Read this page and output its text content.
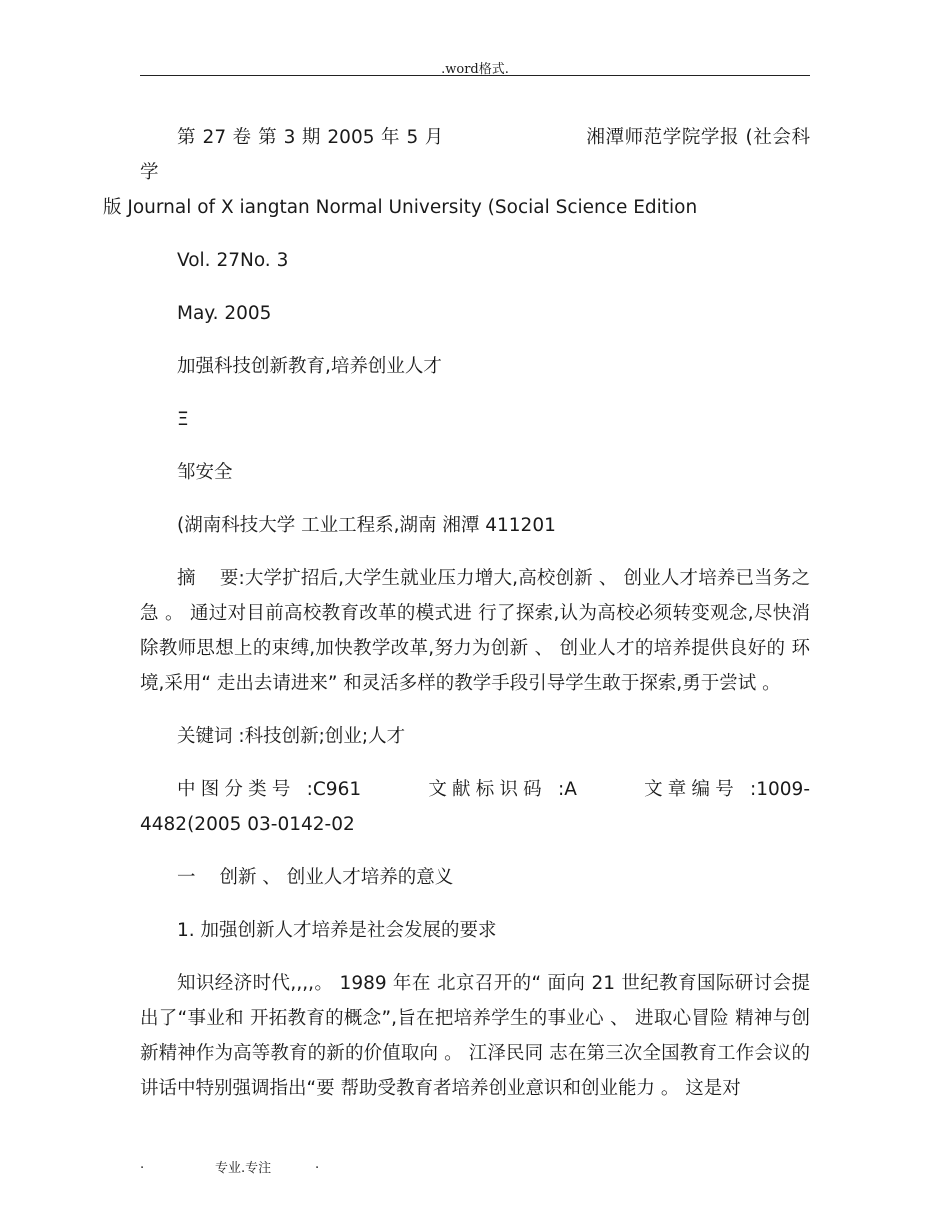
.word格式.

第 27 卷 第 3 期 2005 年 5 月	湘潭师范学院学报 (社会科学
版 Journal of X iangtan Normal University (Social Science Edition

Vol. 27No. 3

May. 2005

加强科技创新教育,培养创业人才

Ξ

邹安全

(湖南科技大学 工业工程系,湖南 湘潭 411201

摘 要:大学扩招后,大学生就业压力增大,高校创新 、 创业人才培养已当务之急 。 通过对目前高校教育改革的模式进 行了探索,认为高校必须转变观念,尽快消除教师思想上的束缚,加快教学改革,努力为创新 、 创业人才的培养提供良好的 环境,采用“ 走出去请进来” 和灵活多样的教学手段引导学生敢于探索,勇于尝试 。

关键词 :科技创新;创业;人才

中图分类号 :C961	文献标识码 :A	文章编号 :1009-4482(2005 03-0142-02

一 创新 、 创业人才培养的意义

1. 加强创新人才培养是社会发展的要求

知识经济时代,,,,。 1989 年在 北京召开的“ 面向 21 世纪教育国际研讨会提出了“事业和 开拓教育的概念”,旨在把培养学生的事业心 、 进取心冒险 精神与创新精神作为高等教育的新的价值取向 。 江泽民同 志在第三次全国教育工作会议的讲话中特别强调指出“要 帮助受教育者培养创业意识和创业能力 。 这是对

.	专业.专注	.
